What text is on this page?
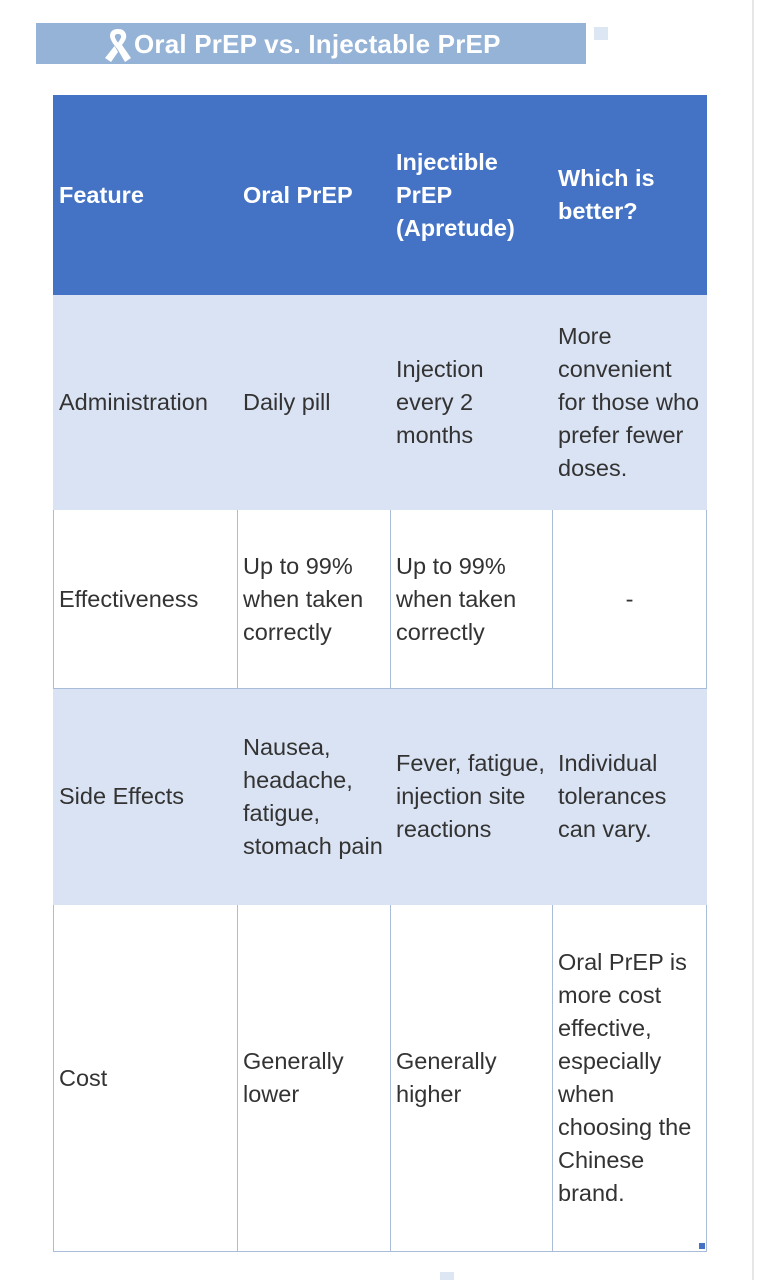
Oral PrEP vs. Injectable PrEP
Feature	Oral PrEP	Injectible PrEP (Apretude)	Which is better?
Administration	Daily pill	Injection every 2 months	More convenient for those who prefer fewer doses.
Effectiveness	Up to 99% when taken correctly	Up to 99% when taken correctly	-
Side Effects	Nausea, headache, fatigue, stomach pain	Fever, fatigue, injection site reactions	Individual tolerances can vary.
Cost	Generally lower	Generally higher	Oral PrEP is more cost effective, especially when choosing the Chinese brand.
